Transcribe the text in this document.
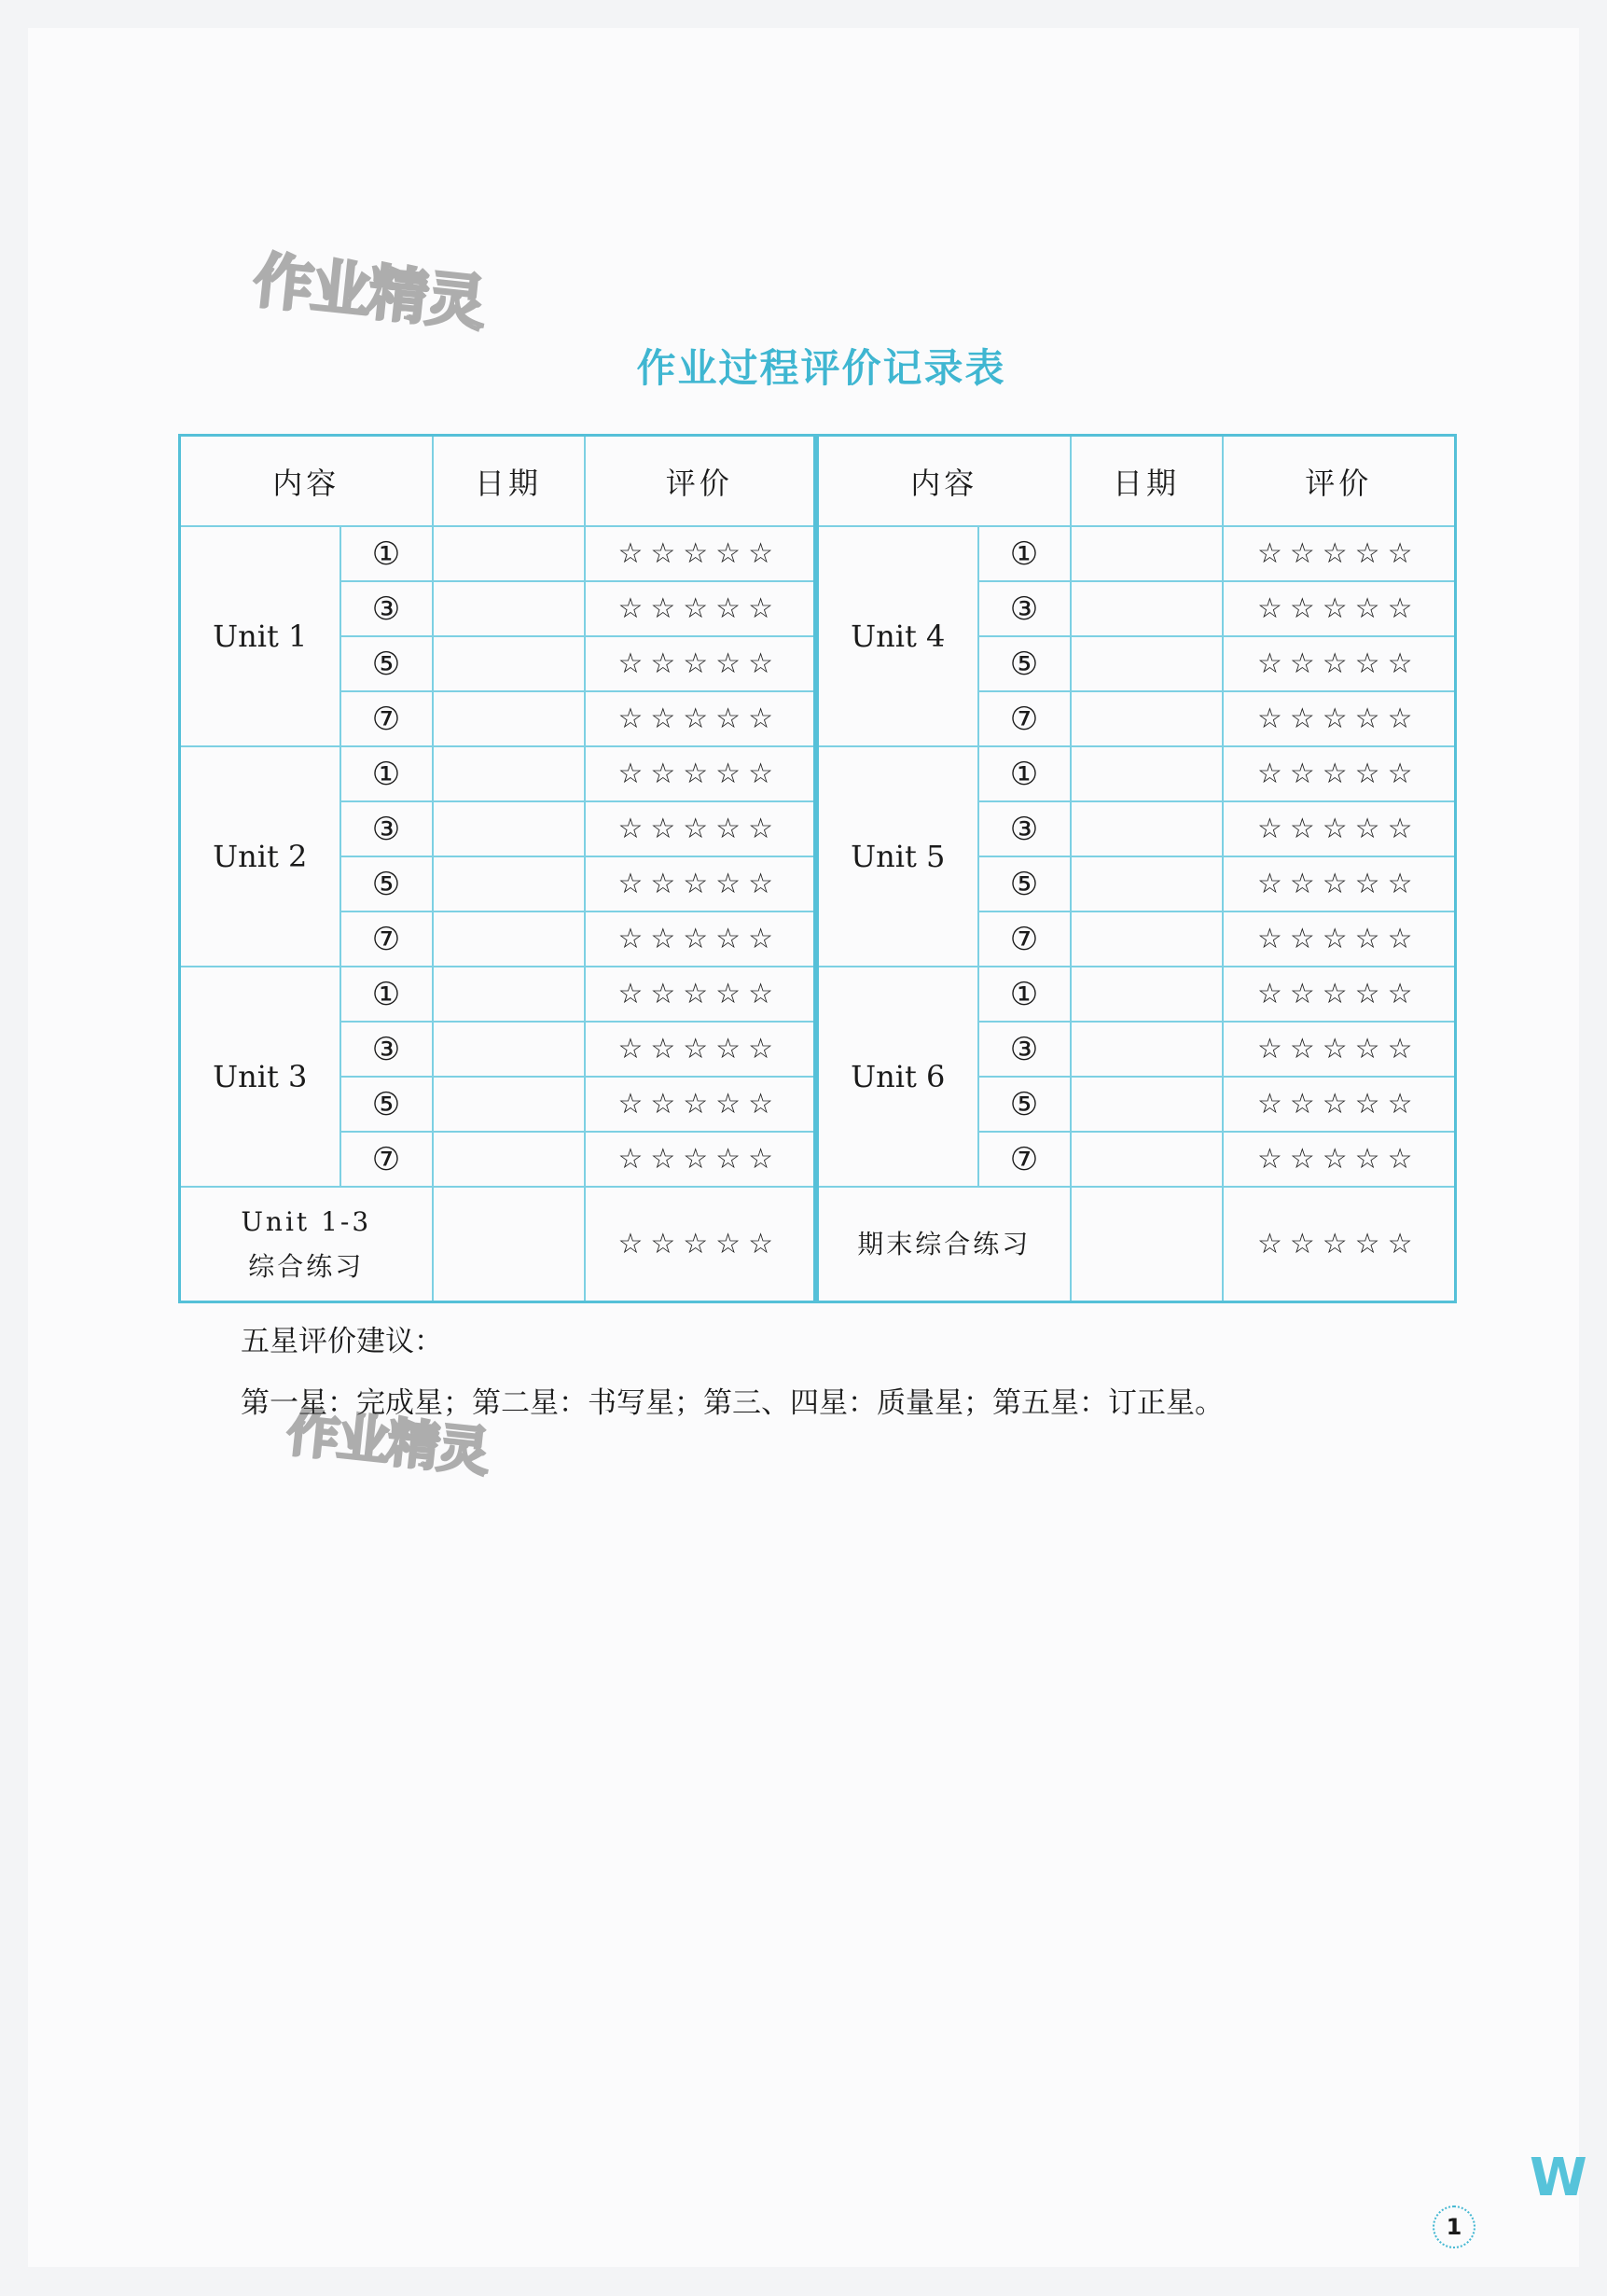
作业精灵
作业精灵
作业过程评价记录表
内容		日期	评价
Unit 1	①		☆☆☆☆☆
	③		☆☆☆☆☆
	⑤		☆☆☆☆☆
	⑦		☆☆☆☆☆
Unit 2	①		☆☆☆☆☆
	③		☆☆☆☆☆
	⑤		☆☆☆☆☆
	⑦		☆☆☆☆☆
Unit 3	①		☆☆☆☆☆
	③		☆☆☆☆☆
	⑤		☆☆☆☆☆
	⑦		☆☆☆☆☆
Unit 1-3
综合练习			☆☆☆☆☆
内容		日期	评价
Unit 4	①		☆☆☆☆☆
	③		☆☆☆☆☆
	⑤		☆☆☆☆☆
	⑦		☆☆☆☆☆
Unit 5	①		☆☆☆☆☆
	③		☆☆☆☆☆
	⑤		☆☆☆☆☆
	⑦		☆☆☆☆☆
Unit 6	①		☆☆☆☆☆
	③		☆☆☆☆☆
	⑤		☆☆☆☆☆
	⑦		☆☆☆☆☆
期末综合练习			☆☆☆☆☆
五星评价建议：
第一星：完成星；第二星：书写星；第三、四星：质量星；第五星：订正星。
W
1
